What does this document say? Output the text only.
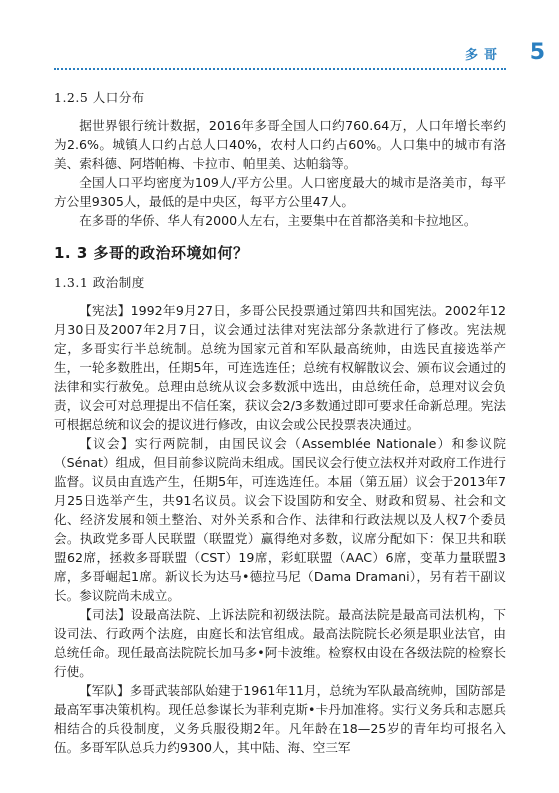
多哥 5
1.2.5 人口分布

据世界银行统计数据，2016年多哥全国人口约760.64万，人口年增长率约为2.6%。城镇人口约占总人口40%，农村人口约占60%。人口集中的城市有洛美、索科德、阿塔帕梅、卡拉市、帕里美、达帕翁等。

全国人口平均密度为109人/平方公里。人口密度最大的城市是洛美市，每平方公里9305人，最低的是中央区，每平方公里47人。

在多哥的华侨、华人有2000人左右，主要集中在首都洛美和卡拉地区。

1. 3 多哥的政治环境如何？
1.3.1 政治制度

【宪法】1992年9月27日，多哥公民投票通过第四共和国宪法。2002年12月30日及2007年2月7日，议会通过法律对宪法部分条款进行了修改。宪法规定，多哥实行半总统制。总统为国家元首和军队最高统帅，由选民直接选举产生，一轮多数胜出，任期5年，可连选连任；总统有权解散议会、颁布议会通过的法律和实行赦免。总理由总统从议会多数派中选出，由总统任命，总理对议会负责，议会可对总理提出不信任案，获议会2/3多数通过即可要求任命新总理。宪法可根据总统和议会的提议进行修改，由议会或公民投票表决通过。

【议会】实行两院制，由国民议会（Assemblée Nationale）和参议院（Sénat）组成，但目前参议院尚未组成。国民议会行使立法权并对政府工作进行监督。议员由直选产生，任期5年，可连选连任。本届（第五届）议会于2013年7月25日选举产生，共91名议员。议会下设国防和安全、财政和贸易、社会和文化、经济发展和领土整治、对外关系和合作、法律和行政法规以及人权7个委员会。执政党多哥人民联盟（联盟党）赢得绝对多数，议席分配如下：保卫共和联盟62席，拯救多哥联盟（CST）19席，彩虹联盟（AAC）6席，变革力量联盟3席，多哥崛起1席。新议长为达马•德拉马尼（Dama Dramani），另有若干副议长。参议院尚未成立。

【司法】设最高法院、上诉法院和初级法院。最高法院是最高司法机构，下设司法、行政两个法庭，由庭长和法官组成。最高法院院长必须是职业法官，由总统任命。现任最高法院院长加马多•阿卡波维。检察权由设在各级法院的检察长行使。

【军队】多哥武装部队始建于1961年11月，总统为军队最高统帅，国防部是最高军事决策机构。现任总参谋长为菲利克斯•卡丹加准将。实行义务兵和志愿兵相结合的兵役制度，义务兵服役期2年。凡年龄在18—25岁的青年均可报名入伍。多哥军队总兵力约9300人，其中陆、海、空三军
